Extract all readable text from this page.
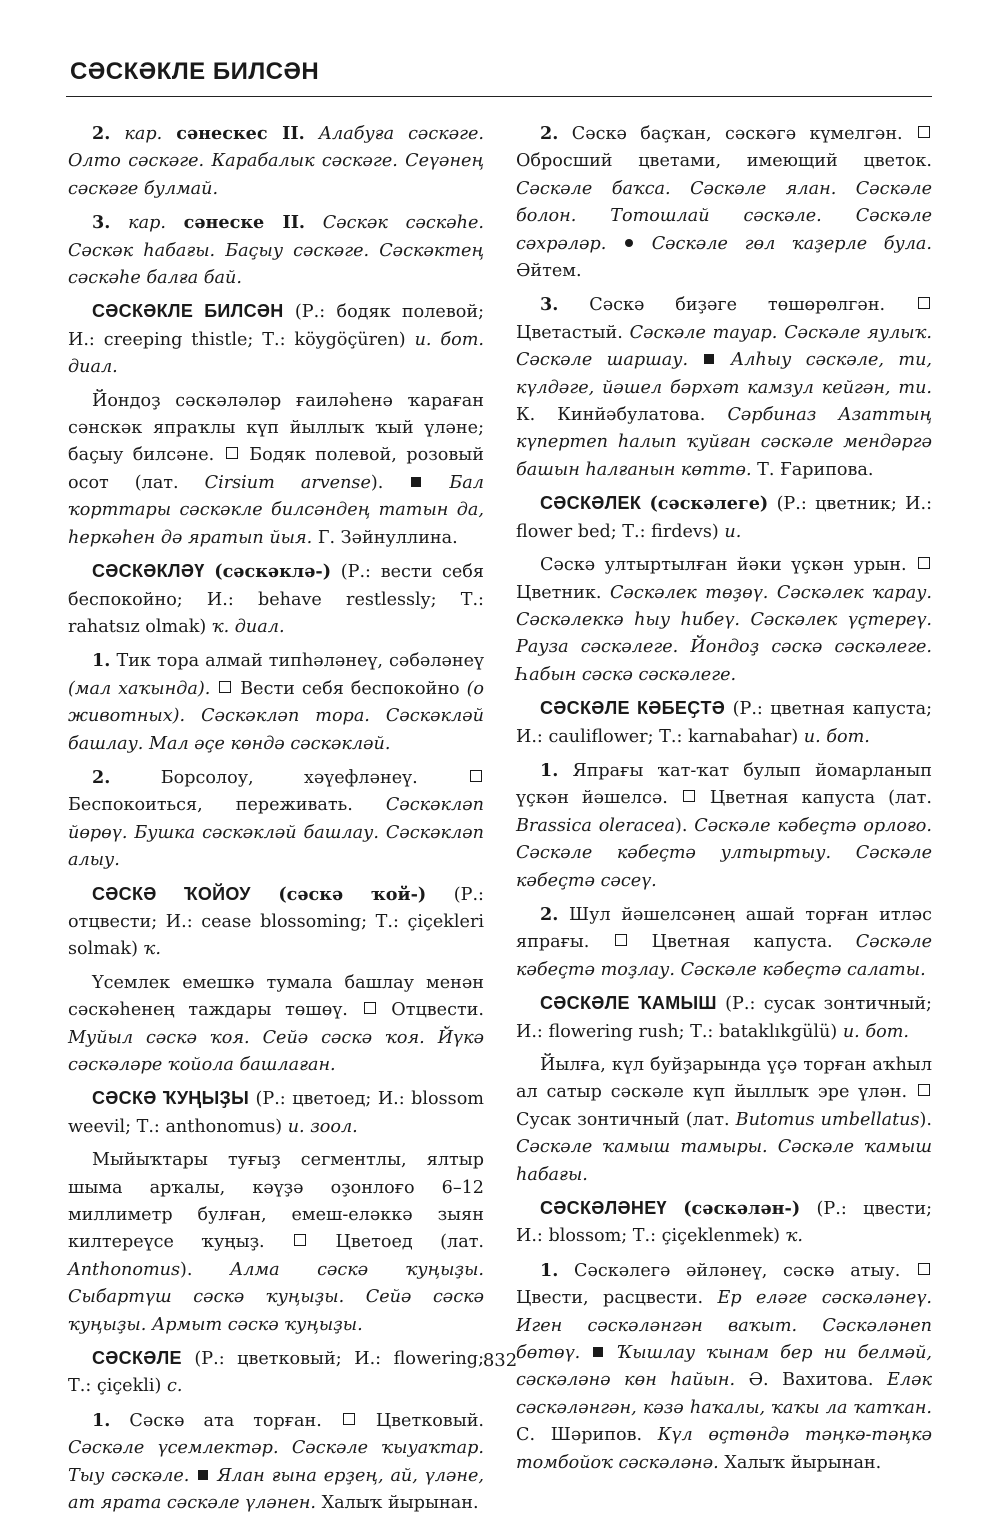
СӘСКӘКЛЕ БИЛСӘН

2. кар. сәнескес II. Алабуға сәскәге. Олто сәскәге. Карабалык сәскәге. Сеүәнең сәскәге булмай.

3. кар. сәнеске II. Сәскәк сәскәhе. Сәскәк hабағы. Баҫыу сәскәге. Сәскәктең сәскәhе балға бай.

СӘСКӘКЛЕ БИЛСӘН (Р.: бодяк полевой; И.: creeping thistle; Т.: köygöçüren) и. бот. диал.

Йондоҙ сәскәләләр ғаиләhенә ҡараған сәнскәк япраҡлы күп йыллыҡ ҡый үләне; баҫыу билсәне. Бодяк полевой, розовый осот (лат. Cirsium arvense).	Бал ҡорттары сәскәкле билсәндең татын да, hеркәhен дә яратып йыя. Г. Зәйнуллина.

СӘСКӘКЛӘҮ (сәскәклә-) (Р.: вести себя беспокойно; И.: behave restlessly; Т.: rahatsız olmak) ҡ. диал.

1. Тик тора алмай типhәләнеү, сәбәләнеү (мал хаҡында). Вести себя беспокойно (о животных). Сәскәкләп тора. Сәскәкләй башлау. Мал әҫе көндә сәскәкләй.

2.	Борсолоу, хәүефләнеү.  Беспокоиться, переживать. Сәскәкләп йөрөү. Бушка сәскәкләй башлау. Сәскәкләп алыу.

СӘСКӘ ҠОЙОУ (сәскә ҡой-) (Р.: отцвести; И.: cease blossoming; Т.: çiçekleri solmak) ҡ.

Үсемлек емешкә тумала башлау менән сәскәhенең таждары төшөү. Отцвести. Муйыл сәскә ҡоя. Сейә сәскә ҡоя. Йүкә сәскәләре ҡойола башлаған.

СӘСКӘ ҠУҢЫҘЫ (Р.: цветоед; И.: blossom weevil; Т.: anthonomus) и. зоол.

Мыйыҡтары туғыҙ сегментлы, ялтыр шыма арҡалы, кәүҙә оҙонлоғо 6–12 миллиметр булған, емеш-еләккә зыян килтереүсе ҡуңыҙ.	Цветоед (лат. Anthonomus). Алма сәскә ҡуңыҙы. Сыбартүш сәскә ҡуңыҙы. Сейә сәскә ҡуңыҙы. Армыт сәскә ҡуңыҙы.

СӘСКӘЛЕ (Р.: цветковый; И.: flowering; Т.: çiçekli) с.

1. Сәскә ата торған.	Цветковый. Сәскәле үсемлектәр. Сәскәле ҡыуаҡтар. Тыу сәскәле. Ялан ғына ерҙең, ай, үләне, ат ярата сәскәле үләнен. Халыҡ йырынан.

2. Сәскә баҫҡан, сәскәгә күмелгән.  Обросший цветами, имеющий цветок. Сәскәле баҡса. Сәскәле ялан. Сәскәле болон. Тотошлай сәскәле. Сәскәле сәхрәләр.	Сәскәле гөл ҡаҙерле була. Әйтем.

3. Сәскә биҙәге төшөрөлгән.  Цветастый. Сәскәле тауар. Сәскәле яулыҡ. Сәскәле шаршау. Алһыу сәскәле, ти, күлдәге, йәшел бәрхәт камзул кейгән, ти. К. Кинйәбулатова. Сәрбиназ Азаттың күпертеп һалып ҡуйған сәскәле мендәргә башын һалғанын көттө. Т. Ғарипова.

СӘСКӘЛЕК (сәскәлеге) (Р.: цветник; И.: flower bed; Т.: firdevs) и.

Сәскә ултыртылған йәки үҫкән урын.  Цветник. Сәскәлек төҙөү. Сәскәлек ҡарау. Сәскәлеккә һыу һибеү. Сәскәлек үҫтереү. Рауза сәскәлеге. Йондоҙ сәскә сәскәлеге. Һабын сәскә сәскәлеге.

СӘСКӘЛЕ КӘБЕҪТӘ (Р.: цветная капуста; И.: cauliflower; Т.: karnabahar) и. бот.

1. Япрағы ҡат-ҡат булып йомарланып үҫкән йәшелсә. Цветная капуста (лат. Brassica oleracea). Сәскәле кәбеҫтә орлоғо. Сәскәле кәбеҫтә ултыртыу. Сәскәле кәбеҫтә сәсеү.

2. Шул йәшелсәнең ашай торған итләс япрағы.	Цветная капуста. Сәскәле кәбеҫтә тоҙлау. Сәскәле кәбеҫтә салаты.

СӘСКӘЛЕ ҠАМЫШ (Р.: сусак зонтичный; И.: flowering rush; Т.: bataklıkgülü) и. бот.

Йылға, күл буйҙарында үҫә торған аҡһыл ал сатыр сәскәле күп йыллыҡ эре үлән.  Сусак зонтичный (лат. Butomus umbellatus). Сәскәле ҡамыш тамыры. Сәскәле ҡамыш һабағы.

СӘСКӘЛӘНЕҮ (сәскәлән-) (Р.: цвести; И.: blossom; Т.: çiçeklenmek) ҡ.

1. Сәскәлегә әйләнеү, сәскә атыу.  Цвести, расцвести. Ер еләге сәскәләнеү. Иген сәскәләнгән ваҡыт. Сәскәләнеп бөтөү. Ҡышлау ҡынам бер ни белмәй, сәскәләнә көн һайын. Ә. Вахитова. Еләк сәскәләнгән, кәзә һаҡалы, ҡаҡы ла ҡатҡан. С. Шәрипов. Күл өҫтөндә тәңкә-тәңкә томбойоҡ сәскәләнә. Халыҡ йырынан.

832
